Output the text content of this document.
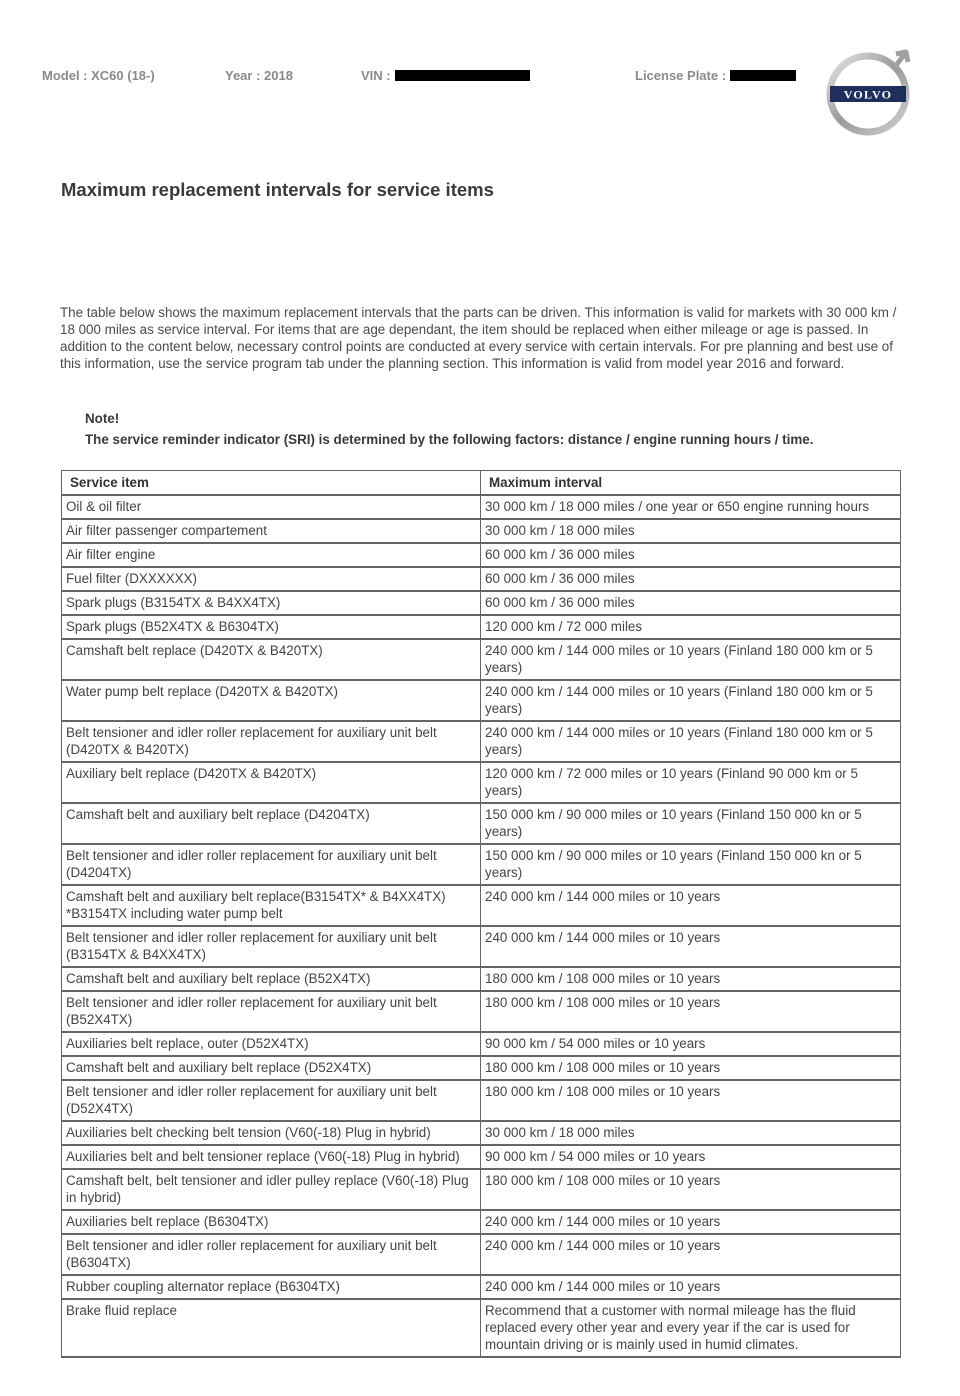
Model : XC60 (18-)	Year : 2018	VIN :	License Plate :
VOLVO
Maximum replacement intervals for service items

The table below shows the maximum replacement intervals that the parts can be driven. This information is valid for markets with 30 000 km / 18 000 miles as service interval. For items that are age dependant, the item should be replaced when either mileage or age is passed. In addition to the content below, necessary control points are conducted at every service with certain intervals. For pre planning and best use of this information, use the service program tab under the planning section. This information is valid from model year 2016 and forward.

Note!
The service reminder indicator (SRI) is determined by the following factors: distance / engine running hours / time.
Service item	Maximum interval
Oil & oil filter	30 000 km / 18 000 miles / one year or 650 engine running hours
Air filter passenger compartement	30 000 km / 18 000 miles
Air filter engine	60 000 km / 36 000 miles
Fuel filter (DXXXXXX)	60 000 km / 36 000 miles
Spark plugs (B3154TX & B4XX4TX)	60 000 km / 36 000 miles
Spark plugs (B52X4TX & B6304TX)	120 000 km / 72 000 miles
Camshaft belt replace (D420TX & B420TX)	240 000 km / 144 000 miles or 10 years (Finland 180 000 km or 5 years)
Water pump belt replace (D420TX & B420TX)	240 000 km / 144 000 miles or 10 years (Finland 180 000 km or 5 years)
Belt tensioner and idler roller replacement for auxiliary unit belt (D420TX & B420TX)	240 000 km / 144 000 miles or 10 years (Finland 180 000 km or 5 years)
Auxiliary belt replace (D420TX & B420TX)	120 000 km / 72 000 miles or 10 years (Finland 90 000 km or 5 years)
Camshaft belt and auxiliary belt replace (D4204TX)	150 000 km / 90 000 miles or 10 years (Finland 150 000 kn or 5 years)
Belt tensioner and idler roller replacement for auxiliary unit belt (D4204TX)	150 000 km / 90 000 miles or 10 years (Finland 150 000 kn or 5 years)
Camshaft belt and auxiliary belt replace(B3154TX* & B4XX4TX) *B3154TX including water pump belt	240 000 km / 144 000 miles or 10 years
Belt tensioner and idler roller replacement for auxiliary unit belt (B3154TX & B4XX4TX)	240 000 km / 144 000 miles or 10 years
Camshaft belt and auxiliary belt replace (B52X4TX)	180 000 km / 108 000 miles or 10 years
Belt tensioner and idler roller replacement for auxiliary unit belt (B52X4TX)	180 000 km / 108 000 miles or 10 years
Auxiliaries belt replace, outer (D52X4TX)	90 000 km / 54 000 miles or 10 years
Camshaft belt and auxiliary belt replace (D52X4TX)	180 000 km / 108 000 miles or 10 years
Belt tensioner and idler roller replacement for auxiliary unit belt (D52X4TX)	180 000 km / 108 000 miles or 10 years
Auxiliaries belt checking belt tension (V60(-18) Plug in hybrid)	30 000 km / 18 000 miles
Auxiliaries belt and belt tensioner replace (V60(-18) Plug in hybrid)	90 000 km / 54 000 miles or 10 years
Camshaft belt, belt tensioner and idler pulley replace (V60(-18) Plug in hybrid)	180 000 km / 108 000 miles or 10 years
Auxiliaries belt replace (B6304TX)	240 000 km / 144 000 miles or 10 years
Belt tensioner and idler roller replacement for auxiliary unit belt (B6304TX)	240 000 km / 144 000 miles or 10 years
Rubber coupling alternator replace (B6304TX)	240 000 km / 144 000 miles or 10 years
Brake fluid replace	Recommend that a customer with normal mileage has the fluid replaced every other year and every year if the car is used for mountain driving or is mainly used in humid climates.
